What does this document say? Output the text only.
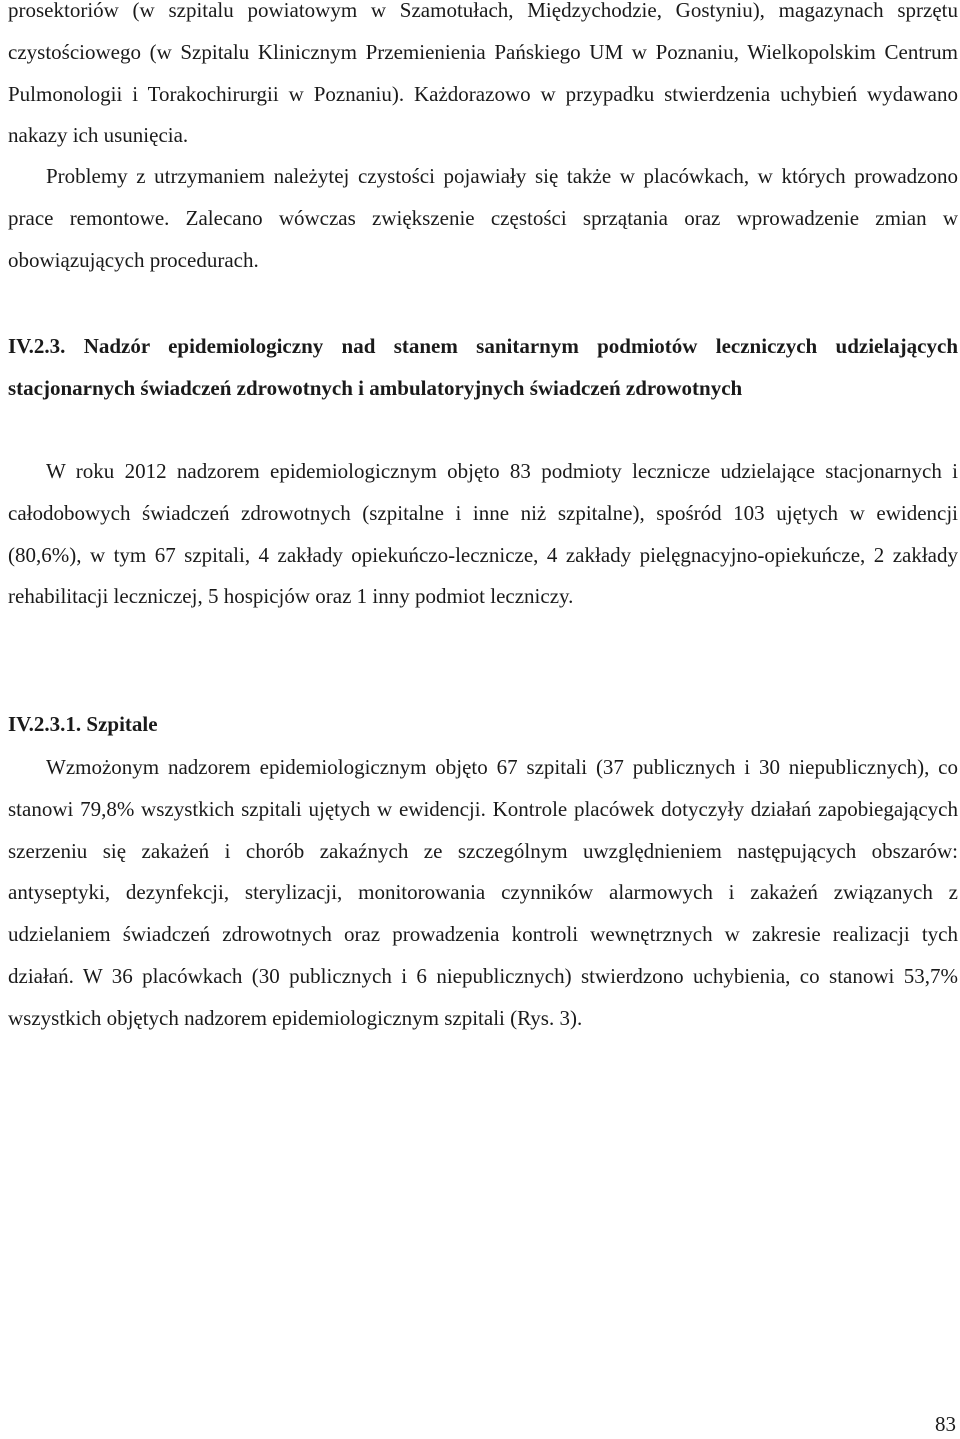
prosektoriów (w szpitalu powiatowym w Szamotułach, Międzychodzie, Gostyniu), magazynach sprzętu czystościowego (w Szpitalu Klinicznym Przemienienia Pańskiego UM w Poznaniu, Wielkopolskim Centrum Pulmonologii i Torakochirurgii w Poznaniu). Każdorazowo w przypadku stwierdzenia uchybień wydawano nakazy ich usunięcia.

Problemy z utrzymaniem należytej czystości pojawiały się także w placówkach, w których prowadzono prace remontowe. Zalecano wówczas zwiększenie częstości sprzątania oraz wprowadzenie zmian w obowiązujących procedurach.

IV.2.3. Nadzór epidemiologiczny nad stanem sanitarnym podmiotów leczniczych udzielających stacjonarnych świadczeń zdrowotnych i ambulatoryjnych świadczeń zdrowotnych

W roku 2012 nadzorem epidemiologicznym objęto 83 podmioty lecznicze udzielające stacjonarnych i całodobowych świadczeń zdrowotnych (szpitalne i inne niż szpitalne), spośród 103 ujętych w ewidencji (80,6%), w tym 67 szpitali, 4 zakłady opiekuńczo-lecznicze, 4 zakłady pielęgnacyjno-opiekuńcze, 2 zakłady rehabilitacji leczniczej, 5 hospicjów oraz 1 inny podmiot leczniczy.

IV.2.3.1. Szpitale

Wzmożonym nadzorem epidemiologicznym objęto 67 szpitali (37 publicznych i 30 niepublicznych), co stanowi 79,8% wszystkich szpitali ujętych w ewidencji. Kontrole placówek dotyczyły działań zapobiegających szerzeniu się zakażeń i chorób zakaźnych ze szczególnym uwzględnieniem następujących obszarów: antyseptyki, dezynfekcji, sterylizacji, monitorowania czynników alarmowych i zakażeń związanych z udzielaniem świadczeń zdrowotnych oraz prowadzenia kontroli wewnętrznych w zakresie realizacji tych działań. W 36 placówkach (30 publicznych i 6 niepublicznych) stwierdzono uchybienia, co stanowi 53,7% wszystkich objętych nadzorem epidemiologicznym szpitali (Rys. 3).

83
